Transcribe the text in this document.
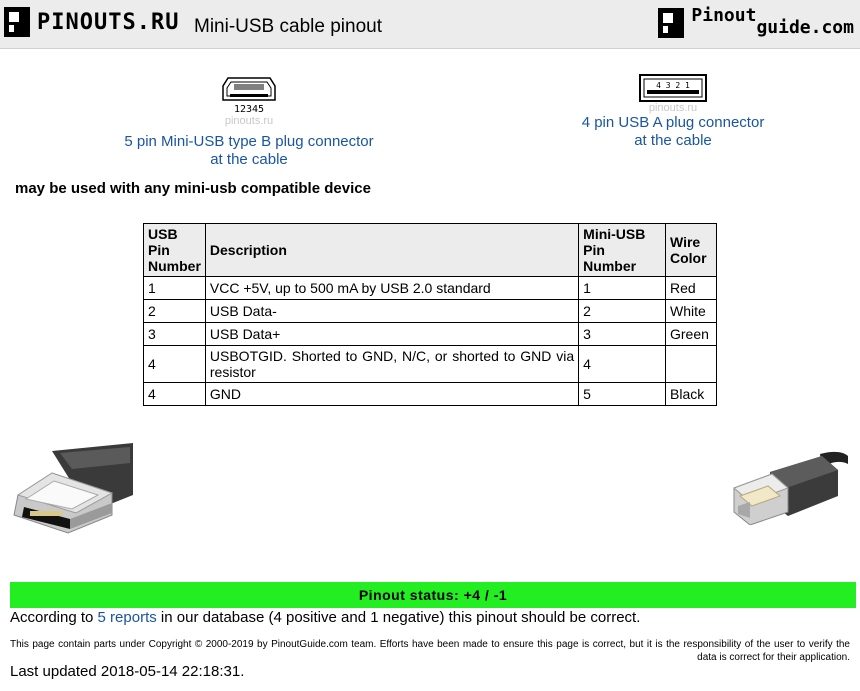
PINOUTS.RU Mini-USB cable pinout
Pinoutguide.com
12345
pinouts.ru
5 pin Mini-USB type B plug connector
at the cable
4 3 2 1
pinouts.ru
4 pin USB A plug connector
at the cable
may be used with any mini-usb compatible device
USB Pin Number	Description	Mini-USB Pin Number	Wire Color
1	VCC +5V, up to 500 mA by USB 2.0 standard	1	Red
2	USB Data-	2	White
3	USB Data+	3	Green
4	USBOTGID. Shorted to GND, N/C, or shorted to GND via resistor	4	
4	GND	5	Black
Pinout status: +4 / -1
According to 5 reports in our database (4 positive and 1 negative) this pinout should be correct.
This page contain parts under Copyright © 2000-2019 by PinoutGuide.com team. Efforts have been made to ensure this page is correct, but it is the responsibility of the user to verify the data is correct for their application.
Last updated 2018-05-14 22:18:31.
